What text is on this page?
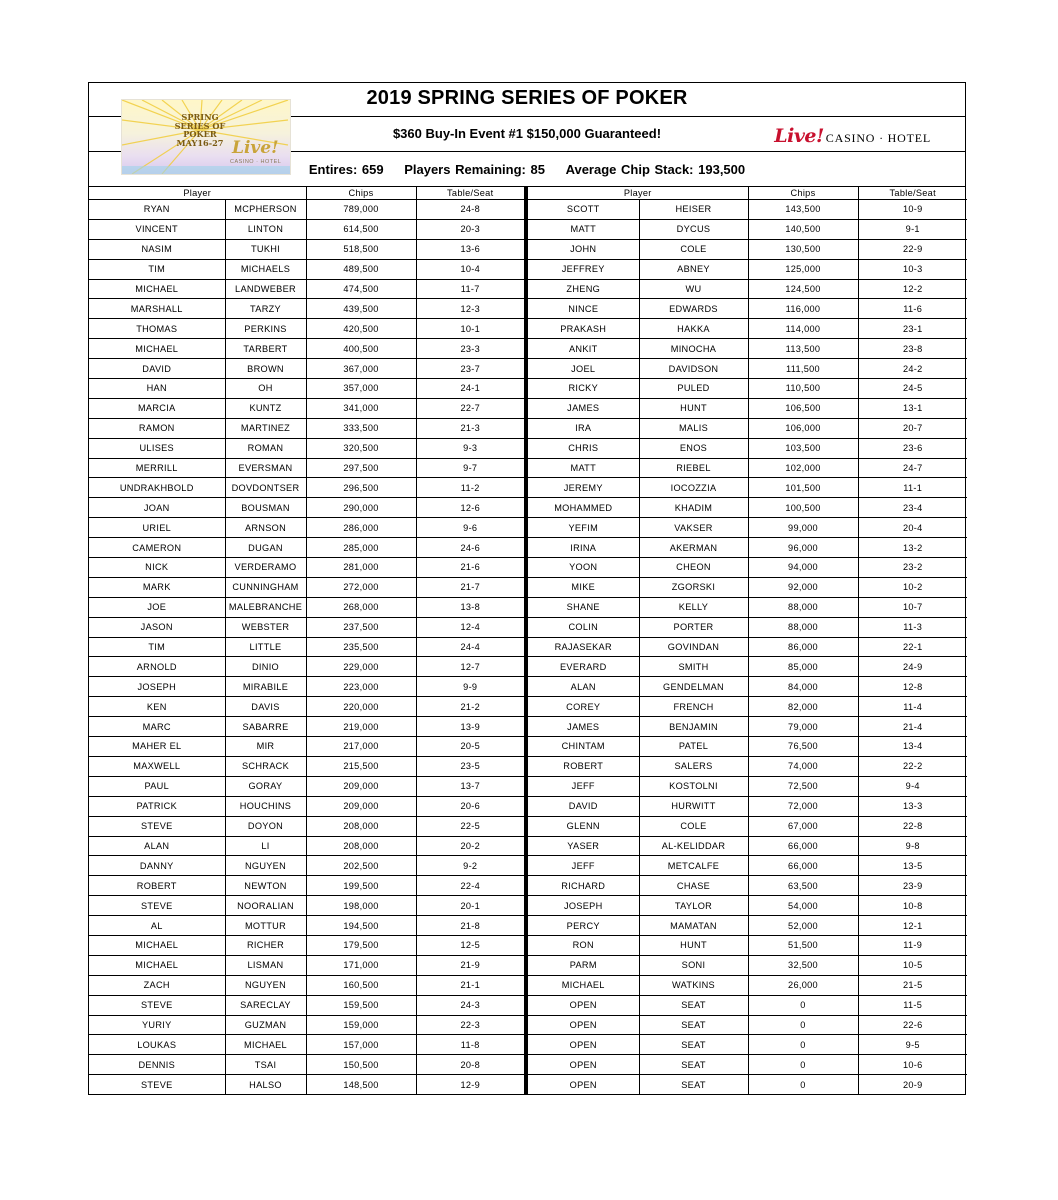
2019 SPRING SERIES OF POKER
$360 Buy-In Event #1 $150,000 Guaranteed!	Live! CASINO · HOTEL
Entires: 659 Players Remaining: 85 Average Chip Stack: 193,500
SPRING
SERIES OF
POKER
MAY16-27 Live!
CASINO · HOTEL
Player		Chips	Table/Seat	Player		Chips	Table/Seat
RYAN	MCPHERSON	789,000	24-8	SCOTT	HEISER	143,500	10-9
VINCENT	LINTON	614,500	20-3	MATT	DYCUS	140,500	9-1
NASIM	TUKHI	518,500	13-6	JOHN	COLE	130,500	22-9
TIM	MICHAELS	489,500	10-4	JEFFREY	ABNEY	125,000	10-3
MICHAEL	LANDWEBER	474,500	11-7	ZHENG	WU	124,500	12-2
MARSHALL	TARZY	439,500	12-3	NINCE	EDWARDS	116,000	11-6
THOMAS	PERKINS	420,500	10-1	PRAKASH	HAKKA	114,000	23-1
MICHAEL	TARBERT	400,500	23-3	ANKIT	MINOCHA	113,500	23-8
DAVID	BROWN	367,000	23-7	JOEL	DAVIDSON	111,500	24-2
HAN	OH	357,000	24-1	RICKY	PULED	110,500	24-5
MARCIA	KUNTZ	341,000	22-7	JAMES	HUNT	106,500	13-1
RAMON	MARTINEZ	333,500	21-3	IRA	MALIS	106,000	20-7
ULISES	ROMAN	320,500	9-3	CHRIS	ENOS	103,500	23-6
MERRILL	EVERSMAN	297,500	9-7	MATT	RIEBEL	102,000	24-7
UNDRAKHBOLD	DOVDONTSER	296,500	11-2	JEREMY	IOCOZZIA	101,500	11-1
JOAN	BOUSMAN	290,000	12-6	MOHAMMED	KHADIM	100,500	23-4
URIEL	ARNSON	286,000	9-6	YEFIM	VAKSER	99,000	20-4
CAMERON	DUGAN	285,000	24-6	IRINA	AKERMAN	96,000	13-2
NICK	VERDERAMO	281,000	21-6	YOON	CHEON	94,000	23-2
MARK	CUNNINGHAM	272,000	21-7	MIKE	ZGORSKI	92,000	10-2
JOE	MALEBRANCHE	268,000	13-8	SHANE	KELLY	88,000	10-7
JASON	WEBSTER	237,500	12-4	COLIN	PORTER	88,000	11-3
TIM	LITTLE	235,500	24-4	RAJASEKAR	GOVINDAN	86,000	22-1
ARNOLD	DINIO	229,000	12-7	EVERARD	SMITH	85,000	24-9
JOSEPH	MIRABILE	223,000	9-9	ALAN	GENDELMAN	84,000	12-8
KEN	DAVIS	220,000	21-2	COREY	FRENCH	82,000	11-4
MARC	SABARRE	219,000	13-9	JAMES	BENJAMIN	79,000	21-4
MAHER EL	MIR	217,000	20-5	CHINTAM	PATEL	76,500	13-4
MAXWELL	SCHRACK	215,500	23-5	ROBERT	SALERS	74,000	22-2
PAUL	GORAY	209,000	13-7	JEFF	KOSTOLNI	72,500	9-4
PATRICK	HOUCHINS	209,000	20-6	DAVID	HURWITT	72,000	13-3
STEVE	DOYON	208,000	22-5	GLENN	COLE	67,000	22-8
ALAN	LI	208,000	20-2	YASER	AL-KELIDDAR	66,000	9-8
DANNY	NGUYEN	202,500	9-2	JEFF	METCALFE	66,000	13-5
ROBERT	NEWTON	199,500	22-4	RICHARD	CHASE	63,500	23-9
STEVE	NOORALIAN	198,000	20-1	JOSEPH	TAYLOR	54,000	10-8
AL	MOTTUR	194,500	21-8	PERCY	MAMATAN	52,000	12-1
MICHAEL	RICHER	179,500	12-5	RON	HUNT	51,500	11-9
MICHAEL	LISMAN	171,000	21-9	PARM	SONI	32,500	10-5
ZACH	NGUYEN	160,500	21-1	MICHAEL	WATKINS	26,000	21-5
STEVE	SARECLAY	159,500	24-3	OPEN	SEAT	0	11-5
YURIY	GUZMAN	159,000	22-3	OPEN	SEAT	0	22-6
LOUKAS	MICHAEL	157,000	11-8	OPEN	SEAT	0	9-5
DENNIS	TSAI	150,500	20-8	OPEN	SEAT	0	10-6
STEVE	HALSO	148,500	12-9	OPEN	SEAT	0	20-9
